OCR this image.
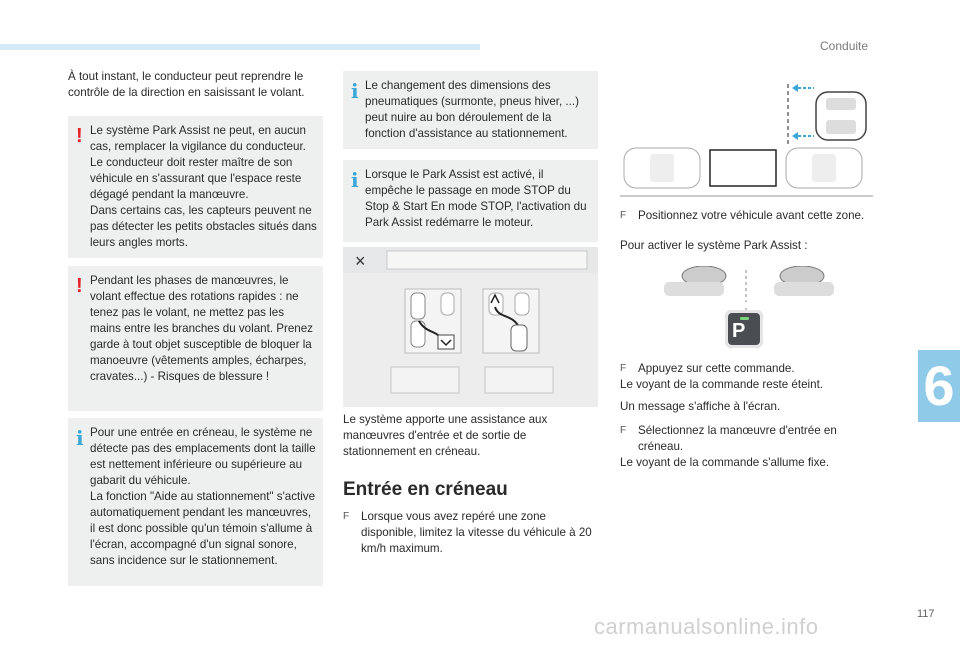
Conduite

À tout instant, le conducteur peut reprendre le contrôle de la direction en saisissant le volant.

! Le système Park Assist ne peut, en aucun cas, remplacer la vigilance du conducteur. Le conducteur doit rester maître de son véhicule en s'assurant que l'espace reste dégagé pendant la manœuvre.

Dans certains cas, les capteurs peuvent ne pas détecter les petits obstacles situés dans leurs angles morts.

! Pendant les phases de manœuvres, le volant effectue des rotations rapides : ne tenez pas le volant, ne mettez pas les mains entre les branches du volant. Prenez garde à tout objet susceptible de bloquer la manoeuvre (vêtements amples, écharpes, cravates...) - Risques de blessure !

i Pour une entrée en créneau, le système ne détecte pas des emplacements dont la taille est nettement inférieure ou supérieure au gabarit du véhicule.

La fonction "Aide au stationnement" s'active automatiquement pendant les manœuvres, il est donc possible qu'un témoin s'allume à l'écran, accompagné d'un signal sonore, sans incidence sur le stationnement.

i Le changement des dimensions des pneumatiques (surmonte, pneus hiver, ...) peut nuire au bon déroulement de la fonction d'assistance au stationnement.

i Lorsque le Park Assist est activé, il empêche le passage en mode STOP du Stop & Start En mode STOP, l'activation du Park Assist redémarre le moteur.

×

Le système apporte une assistance aux manœuvres d'entrée et de sortie de stationnement en créneau.

Entrée en créneau
F	Lorsque vous avez repéré une zone disponible, limitez la vitesse du véhicule à 20 km/h maximum.
F	Positionnez votre véhicule avant cette zone.

Pour activer le système Park Assist :

P
F	Appuyez sur cette commande.

Le voyant de la commande reste éteint.

Un message s'affiche à l'écran.

F	Sélectionnez la manœuvre d'entrée en créneau.

Le voyant de la commande s'allume fixe.

6
117
carmanualsonline.info
